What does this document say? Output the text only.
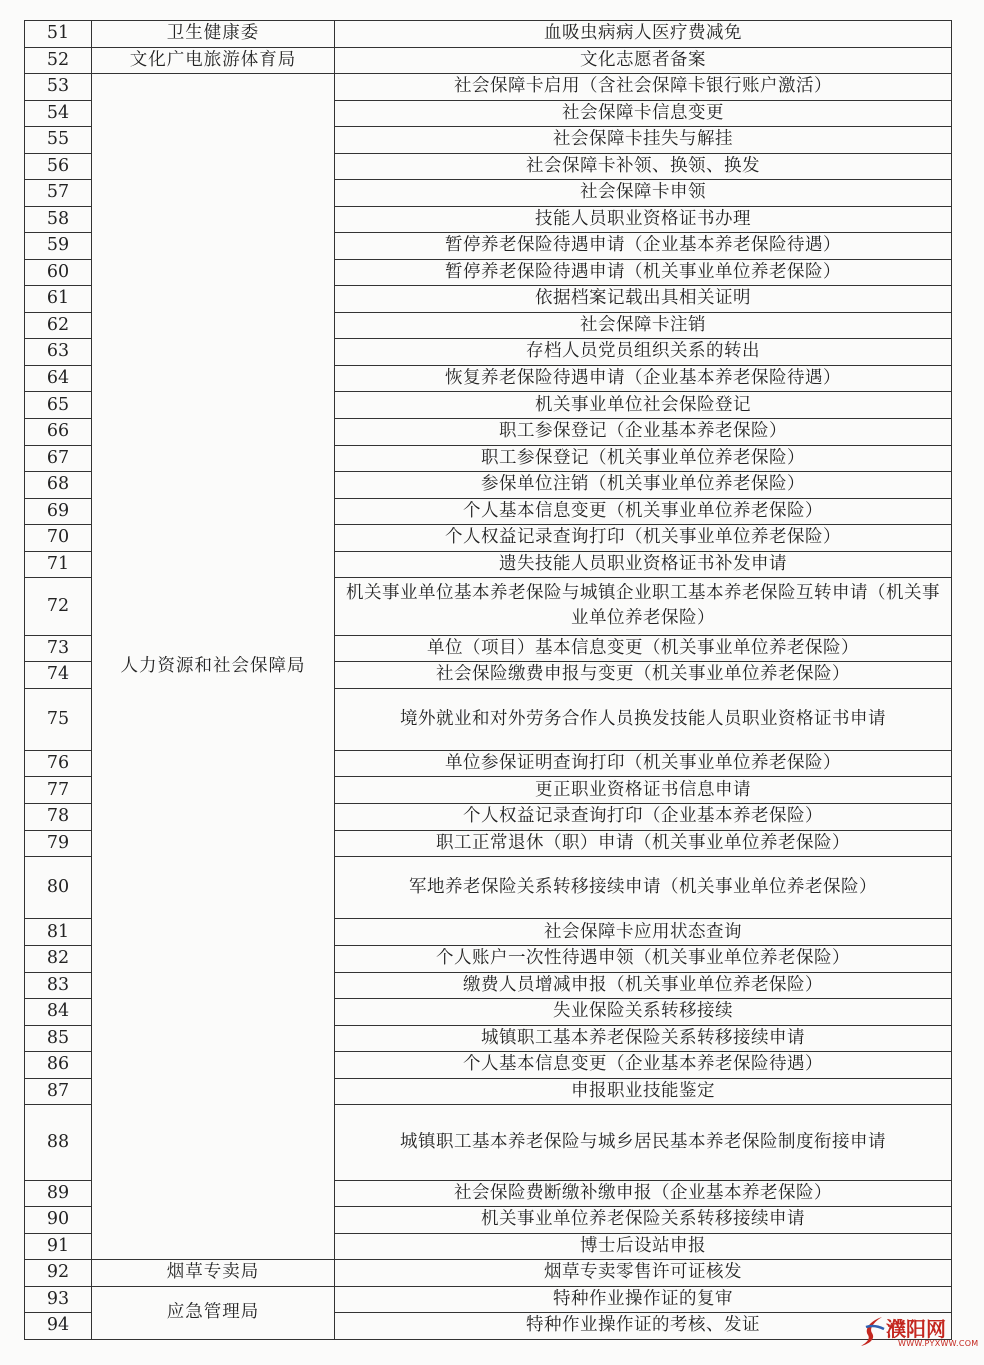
51	卫生健康委	血吸虫病病人医疗费减免
52	文化广电旅游体育局	文化志愿者备案
53	人力资源和社会保障局	社会保障卡启用（含社会保障卡银行账户激活）
54		社会保障卡信息变更
55		社会保障卡挂失与解挂
56		社会保障卡补领、换领、换发
57		社会保障卡申领
58		技能人员职业资格证书办理
59		暂停养老保险待遇申请（企业基本养老保险待遇）
60		暂停养老保险待遇申请（机关事业单位养老保险）
61		依据档案记载出具相关证明
62		社会保障卡注销
63		存档人员党员组织关系的转出
64		恢复养老保险待遇申请（企业基本养老保险待遇）
65		机关事业单位社会保险登记
66		职工参保登记（企业基本养老保险）
67		职工参保登记（机关事业单位养老保险）
68		参保单位注销（机关事业单位养老保险）
69		个人基本信息变更（机关事业单位养老保险）
70		个人权益记录查询打印（机关事业单位养老保险）
71		遗失技能人员职业资格证书补发申请
72		机关事业单位基本养老保险与城镇企业职工基本养老保险互转申请（机关事业单位养老保险）
73		单位（项目）基本信息变更（机关事业单位养老保险）
74		社会保险缴费申报与变更（机关事业单位养老保险）
75		境外就业和对外劳务合作人员换发技能人员职业资格证书申请
76		单位参保证明查询打印（机关事业单位养老保险）
77		更正职业资格证书信息申请
78		个人权益记录查询打印（企业基本养老保险）
79		职工正常退休（职）申请（机关事业单位养老保险）
80		军地养老保险关系转移接续申请（机关事业单位养老保险）
81		社会保障卡应用状态查询
82		个人账户一次性待遇申领（机关事业单位养老保险）
83		缴费人员增减申报（机关事业单位养老保险）
84		失业保险关系转移接续
85		城镇职工基本养老保险关系转移接续申请
86		个人基本信息变更（企业基本养老保险待遇）
87		申报职业技能鉴定
88		城镇职工基本养老保险与城乡居民基本养老保险制度衔接申请
89		社会保险费断缴补缴申报（企业基本养老保险）
90		机关事业单位养老保险关系转移接续申请
91		博士后设站申报
92	烟草专卖局	烟草专卖零售许可证核发
93	应急管理局	特种作业操作证的复审
94		特种作业操作证的考核、发证	濮阳网
WWW.PYXWW.COM
